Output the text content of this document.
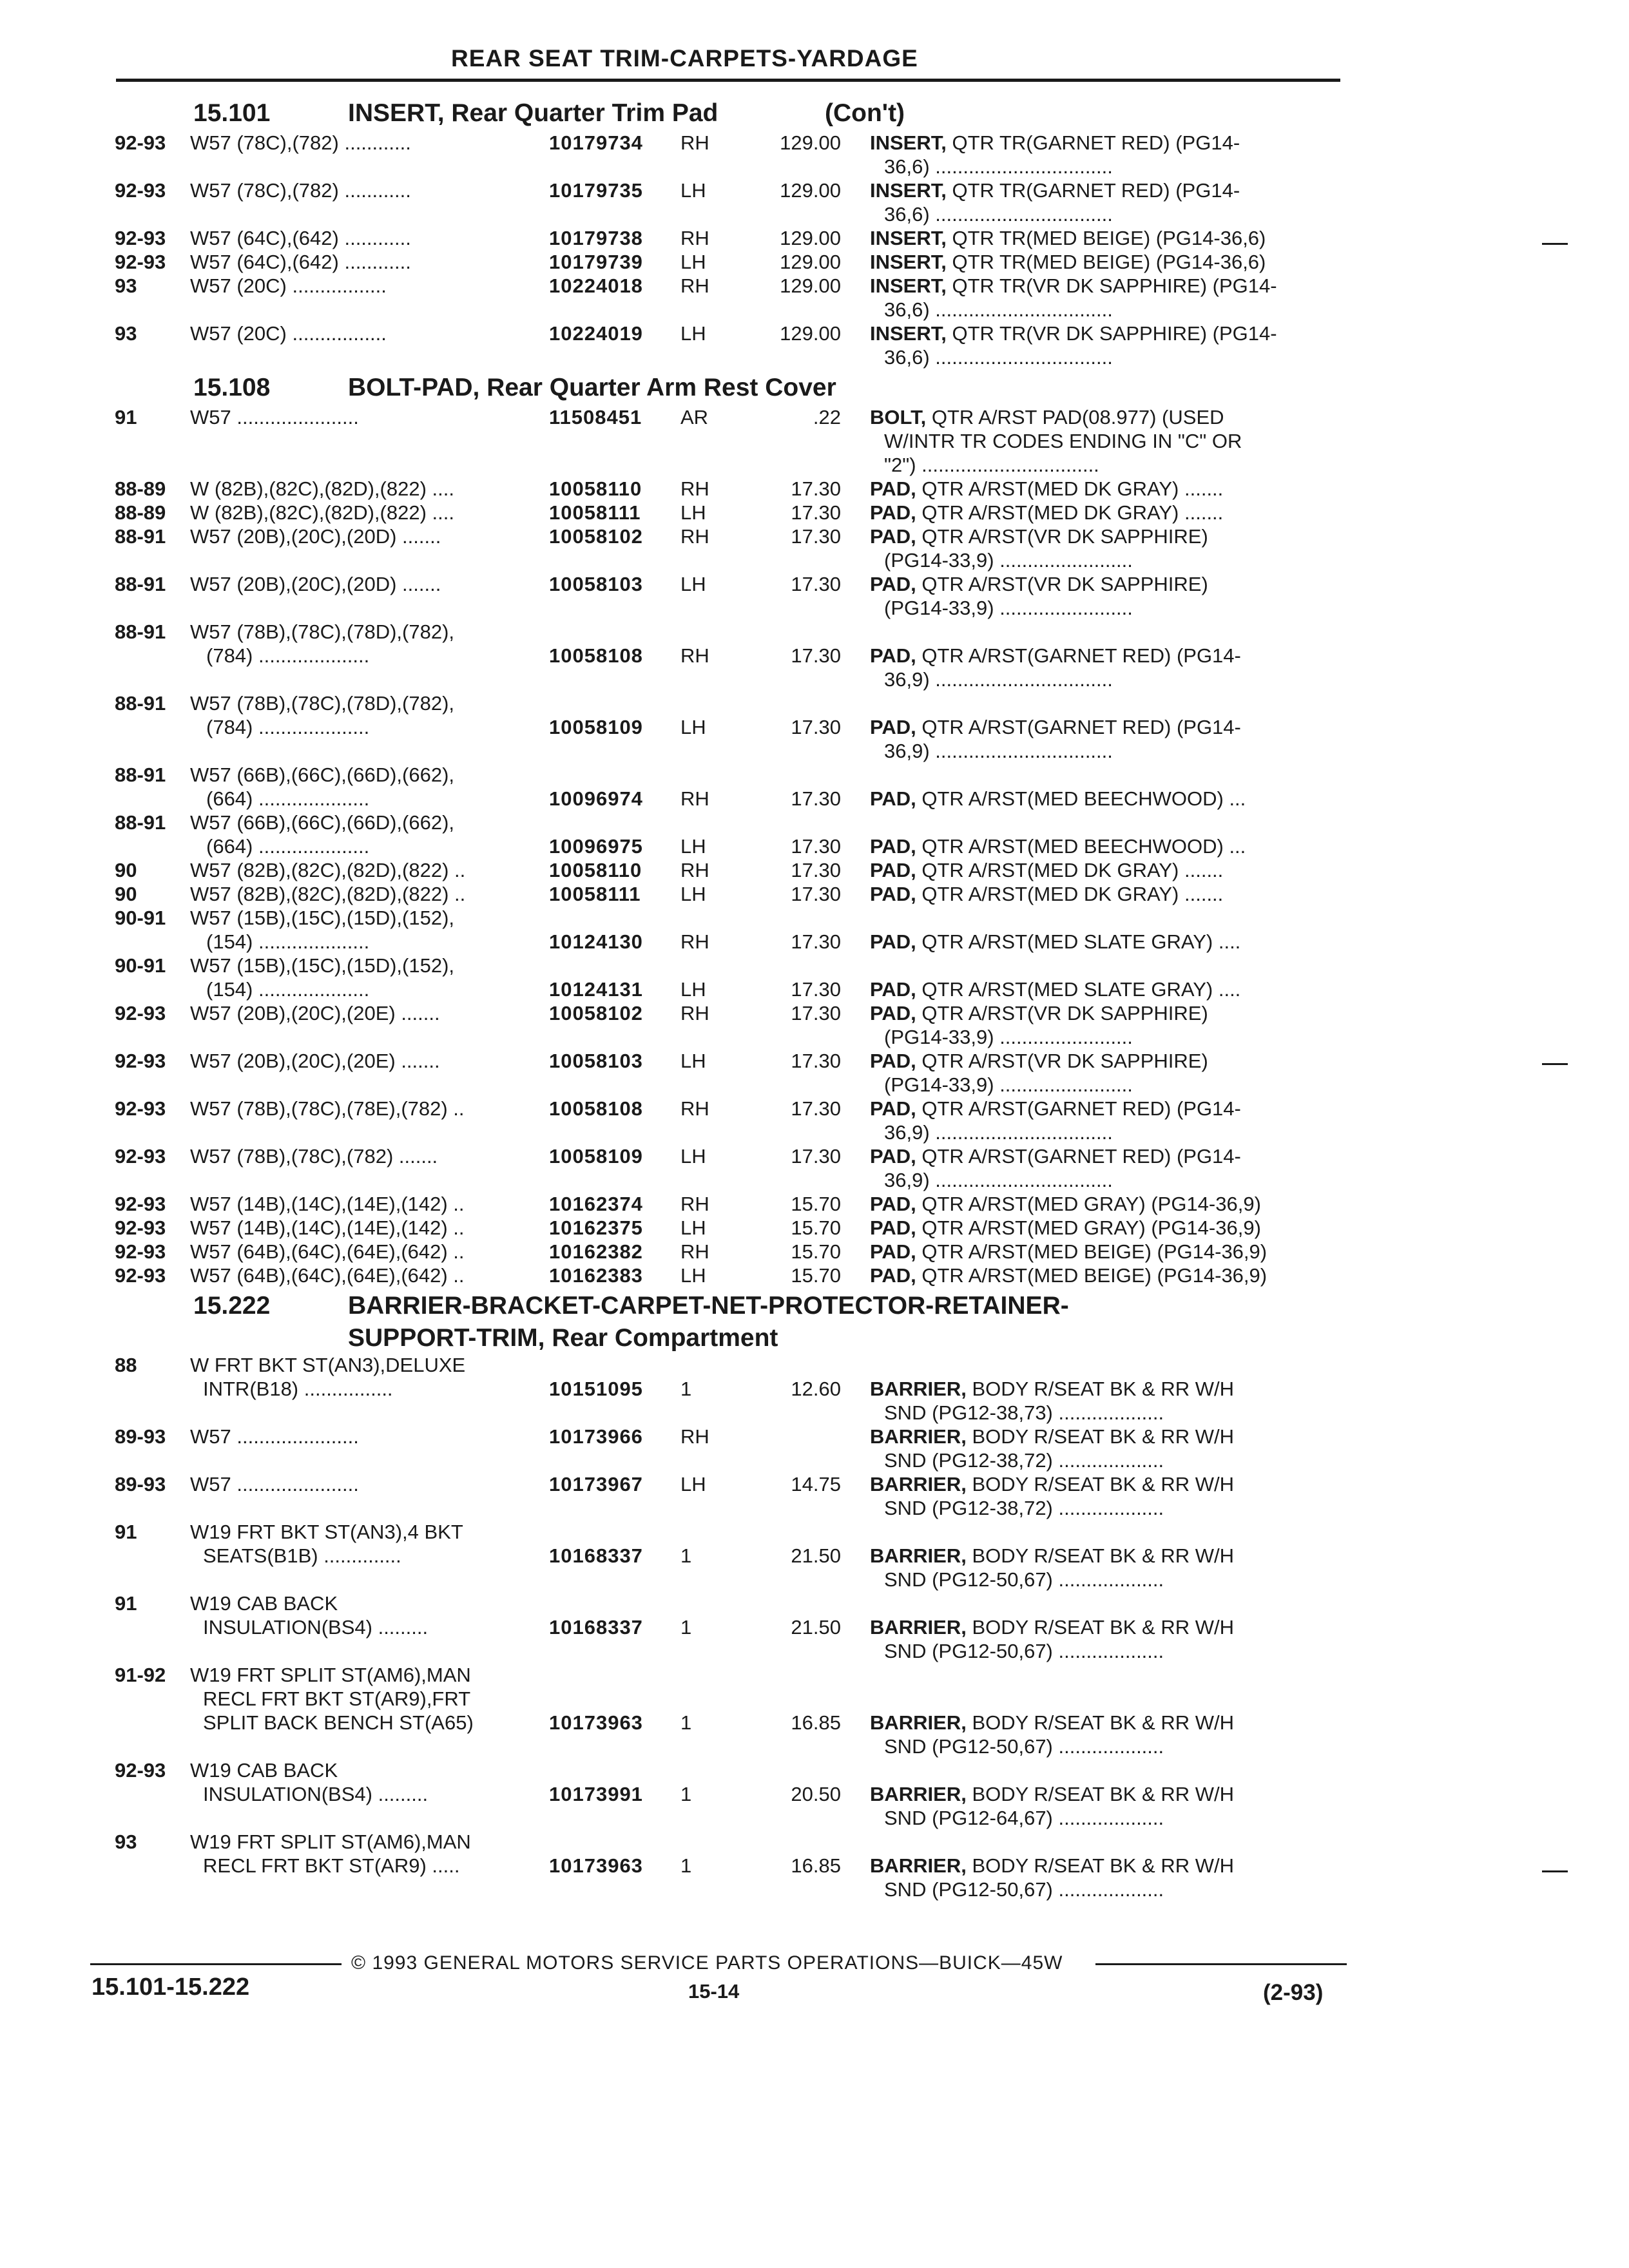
REAR SEAT TRIM-CARPETS-YARDAGE
15.101	INSERT, Rear Quarter Trim Pad	(Con't)
92-93 W57 (78C),(782) ............	10179734 RH	129.00 INSERT, QTR TR(GARNET RED) (PG14-
36,6) ................................
92-93 W57 (78C),(782) ............	10179735 LH	129.00 INSERT, QTR TR(GARNET RED) (PG14-
36,6) ................................
92-93 W57 (64C),(642) ............	10179738 RH	129.00 INSERT, QTR TR(MED BEIGE) (PG14-36,6)
92-93 W57 (64C),(642) ............	10179739 LH	129.00 INSERT, QTR TR(MED BEIGE) (PG14-36,6)
93	W57 (20C) .................	10224018 RH	129.00 INSERT, QTR TR(VR DK SAPPHIRE) (PG14-
36,6) ................................
93	W57 (20C) .................	10224019 LH	129.00 INSERT, QTR TR(VR DK SAPPHIRE) (PG14-
36,6) ................................
15.108	BOLT-PAD, Rear Quarter Arm Rest Cover
91	W57 ......................	11508451 AR	.22 BOLT, QTR A/RST PAD(08.977) (USED
W/INTR TR CODES ENDING IN "C" OR
"2") ................................
88-89 W (82B),(82C),(82D),(822) ....	10058110 RH	17.30 PAD, QTR A/RST(MED DK GRAY) .......
88-89 W (82B),(82C),(82D),(822) ....	10058111 LH	17.30 PAD, QTR A/RST(MED DK GRAY) .......
88-91 W57 (20B),(20C),(20D) .......	10058102 RH	17.30 PAD, QTR A/RST(VR DK SAPPHIRE)
(PG14-33,9) ........................
88-91 W57 (20B),(20C),(20D) .......	10058103 LH	17.30 PAD, QTR A/RST(VR DK SAPPHIRE)
(PG14-33,9) ........................
88-91 W57 (78B),(78C),(78D),(782),
(784) ....................	10058108 RH	17.30 PAD, QTR A/RST(GARNET RED) (PG14-
36,9) ................................
88-91 W57 (78B),(78C),(78D),(782),
(784) ....................	10058109 LH	17.30 PAD, QTR A/RST(GARNET RED) (PG14-
36,9) ................................
88-91 W57 (66B),(66C),(66D),(662),
(664) ....................	10096974 RH	17.30 PAD, QTR A/RST(MED BEECHWOOD) ...
88-91 W57 (66B),(66C),(66D),(662),
(664) ....................	10096975 LH	17.30 PAD, QTR A/RST(MED BEECHWOOD) ...
90	W57 (82B),(82C),(82D),(822) ..	10058110 RH	17.30 PAD, QTR A/RST(MED DK GRAY) .......
90	W57 (82B),(82C),(82D),(822) ..	10058111 LH	17.30 PAD, QTR A/RST(MED DK GRAY) .......
90-91 W57 (15B),(15C),(15D),(152),
(154) ....................	10124130 RH	17.30 PAD, QTR A/RST(MED SLATE GRAY) ....
90-91 W57 (15B),(15C),(15D),(152),
(154) ....................	10124131 LH	17.30 PAD, QTR A/RST(MED SLATE GRAY) ....
92-93 W57 (20B),(20C),(20E) .......	10058102 RH	17.30 PAD, QTR A/RST(VR DK SAPPHIRE)
(PG14-33,9) ........................
92-93 W57 (20B),(20C),(20E) .......	10058103 LH	17.30 PAD, QTR A/RST(VR DK SAPPHIRE)
(PG14-33,9) ........................
92-93 W57 (78B),(78C),(78E),(782) ..	10058108 RH	17.30 PAD, QTR A/RST(GARNET RED) (PG14-
36,9) ................................
92-93 W57 (78B),(78C),(782) .......	10058109 LH	17.30 PAD, QTR A/RST(GARNET RED) (PG14-
36,9) ................................
92-93 W57 (14B),(14C),(14E),(142) ..	10162374 RH	15.70 PAD, QTR A/RST(MED GRAY) (PG14-36,9)
92-93 W57 (14B),(14C),(14E),(142) ..	10162375 LH	15.70 PAD, QTR A/RST(MED GRAY) (PG14-36,9)
92-93 W57 (64B),(64C),(64E),(642) ..	10162382 RH	15.70 PAD, QTR A/RST(MED BEIGE) (PG14-36,9)
92-93 W57 (64B),(64C),(64E),(642) ..	10162383 LH	15.70 PAD, QTR A/RST(MED BEIGE) (PG14-36,9)
15.222	BARRIER-BRACKET-CARPET-NET-PROTECTOR-RETAINER-
SUPPORT-TRIM, Rear Compartment
88	W FRT BKT ST(AN3),DELUXE
INTR(B18) ................	10151095 1	12.60 BARRIER, BODY R/SEAT BK & RR W/H
SND (PG12-38,73) ...................
89-93 W57 ......................	10173966 RH	BARRIER, BODY R/SEAT BK & RR W/H
SND (PG12-38,72) ...................
89-93 W57 ......................	10173967 LH	14.75 BARRIER, BODY R/SEAT BK & RR W/H
SND (PG12-38,72) ...................
91	W19 FRT BKT ST(AN3),4 BKT
SEATS(B1B) ..............	10168337 1	21.50 BARRIER, BODY R/SEAT BK & RR W/H
SND (PG12-50,67) ...................
91	W19 CAB BACK
INSULATION(BS4) .........	10168337 1	21.50 BARRIER, BODY R/SEAT BK & RR W/H
SND (PG12-50,67) ...................
91-92 W19 FRT SPLIT ST(AM6),MAN
RECL FRT BKT ST(AR9),FRT
SPLIT BACK BENCH ST(A65)	10173963 1	16.85 BARRIER, BODY R/SEAT BK & RR W/H
SND (PG12-50,67) ...................
92-93 W19 CAB BACK
INSULATION(BS4) .........	10173991 1	20.50 BARRIER, BODY R/SEAT BK & RR W/H
SND (PG12-64,67) ...................
93	W19 FRT SPLIT ST(AM6),MAN
RECL FRT BKT ST(AR9) .....	10173963 1	16.85 BARRIER, BODY R/SEAT BK & RR W/H
SND (PG12-50,67) ...................
© 1993 GENERAL MOTORS SERVICE PARTS OPERATIONS—BUICK—45W
15.101-15.222	15-14	(2-93)
